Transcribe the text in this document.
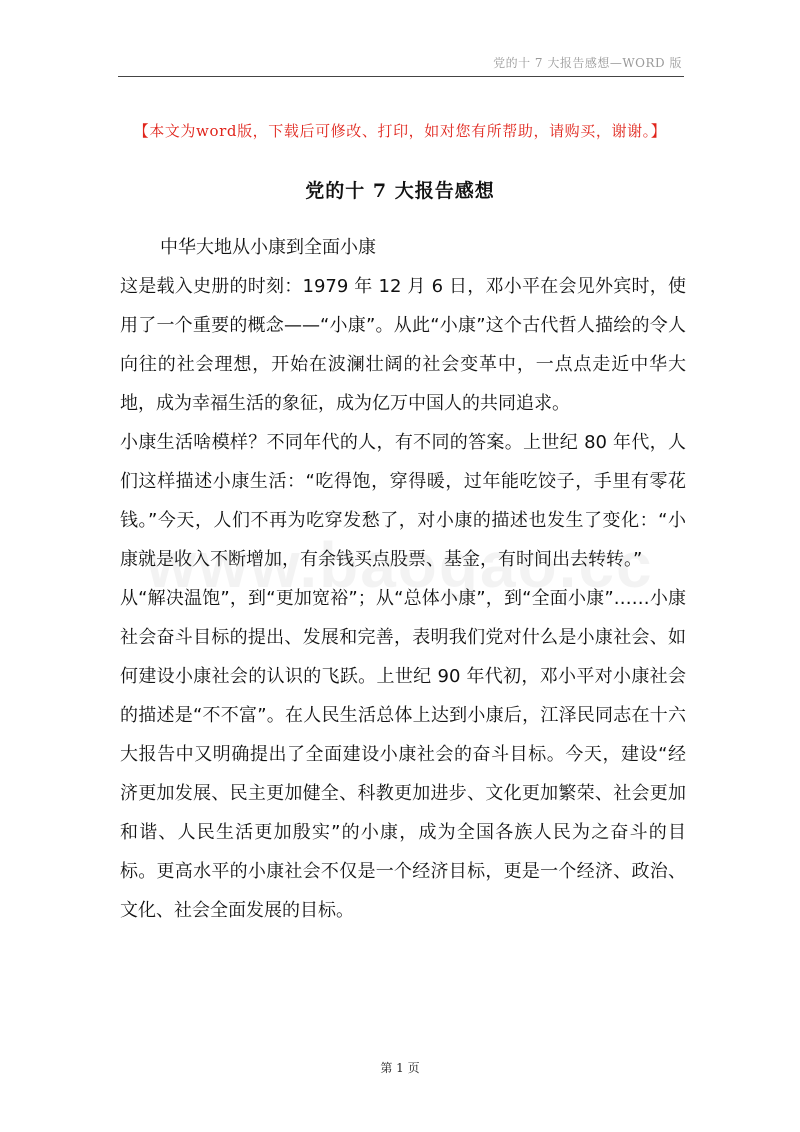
党的十 7 大报告感想—WORD 版
【本文为word版，下载后可修改、打印，如对您有所帮助，请购买，谢谢。】
党的十 7 大报告感想

中华大地从小康到全面小康

这是载入史册的时刻：1979 年 12 月 6 日，邓小平在会见外宾时，使用了一个重要的概念——“小康”。从此“小康”这个古代哲人描绘的令人向往的社会理想，开始在波澜壮阔的社会变革中，一点点走近中华大地，成为幸福生活的象征，成为亿万中国人的共同追求。

小康生活啥模样？不同年代的人，有不同的答案。上世纪 80 年代，人们这样描述小康生活：“吃得饱，穿得暖，过年能吃饺子，手里有零花钱。”今天，人们不再为吃穿发愁了，对小康的描述也发生了变化：“小康就是收入不断增加，有余钱买点股票、基金，有时间出去转转。”

从“解决温饱”，到“更加宽裕”；从“总体小康”，到“全面小康”……小康社会奋斗目标的提出、发展和完善，表明我们党对什么是小康社会、如何建设小康社会的认识的飞跃。上世纪 90 年代初，邓小平对小康社会的描述是“不不富”。在人民生活总体上达到小康后，江泽民同志在十六大报告中又明确提出了全面建设小康社会的奋斗目标。今天，建设“经济更加发展、民主更加健全、科教更加进步、文化更加繁荣、社会更加和谐、人民生活更加殷实”的小康，成为全国各族人民为之奋斗的目标。更高水平的小康社会不仅是一个经济目标，更是一个经济、政治、文化、社会全面发展的目标。

第 1 页
